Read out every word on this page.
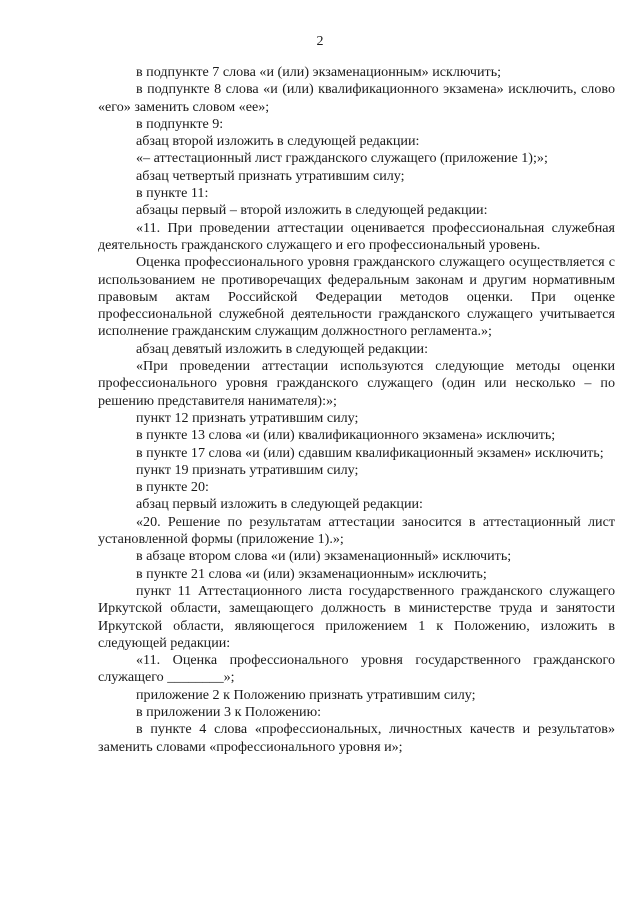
2

в подпункте 7 слова «и (или) экзаменационным» исключить;

в подпункте 8 слова «и (или) квалификационного экзамена» исключить, слово «его» заменить словом «ее»;

в подпункте 9:

абзац второй изложить в следующей редакции:

«– аттестационный лист гражданского служащего (приложение 1);»;

абзац четвертый признать утратившим силу;

в пункте 11:

абзацы первый – второй изложить в следующей редакции:

«11. При проведении аттестации оценивается профессиональная служебная деятельность гражданского служащего и его профессиональный уровень.

Оценка профессионального уровня гражданского служащего осуществляется с использованием не противоречащих федеральным законам и другим нормативным правовым актам Российской Федерации методов оценки. При оценке профессиональной служебной деятельности гражданского служащего учитывается исполнение гражданским служащим должностного регламента.»;

абзац девятый изложить в следующей редакции:

«При проведении аттестации используются следующие методы оценки профессионального уровня гражданского служащего (один или несколько – по решению представителя нанимателя):»;

пункт 12 признать утратившим силу;

в пункте 13 слова «и (или) квалификационного экзамена» исключить;

в пункте 17 слова «и (или) сдавшим квалификационный экзамен» исключить;

пункт 19 признать утратившим силу;

в пункте 20:

абзац первый изложить в следующей редакции:

«20. Решение по результатам аттестации заносится в аттестационный лист установленной формы (приложение 1).»;

в абзаце втором слова «и (или) экзаменационный» исключить;

в пункте 21 слова «и (или) экзаменационным» исключить;

пункт 11 Аттестационного листа государственного гражданского служащего Иркутской области, замещающего должность в министерстве труда и занятости Иркутской области, являющегося приложением 1 к Положению, изложить в следующей редакции:

«11. Оценка профессионального уровня государственного гражданского служащего ________»;

приложение 2 к Положению признать утратившим силу;

в приложении 3 к Положению:

в пункте 4 слова «профессиональных, личностных качеств и результатов» заменить словами «профессионального уровня и»;
